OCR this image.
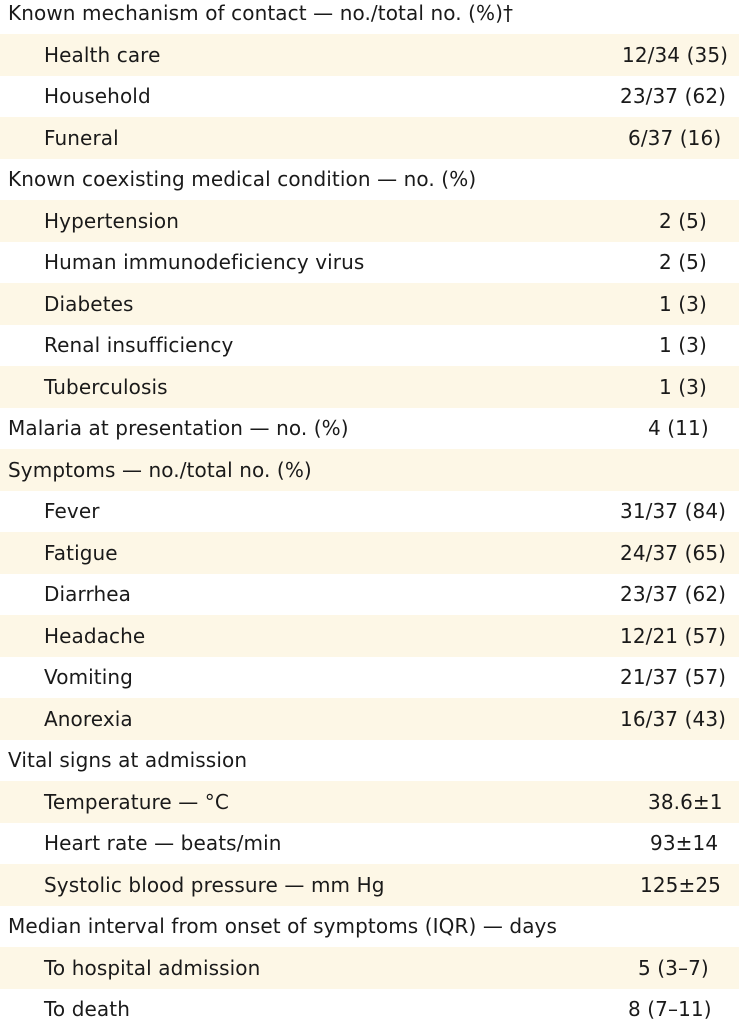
Known mechanism of contact — no./total no. (%)†
Health care	12/34 (35)
Household	23/37 (62)
Funeral	6/37 (16)
Known coexisting medical condition — no. (%)
Hypertension	2 (5)
Human immunodeficiency virus	2 (5)
Diabetes	1 (3)
Renal insufficiency	1 (3)
Tuberculosis	1 (3)
Malaria at presentation — no. (%)	4 (11)
Symptoms — no./total no. (%)
Fever	31/37 (84)
Fatigue	24/37 (65)
Diarrhea	23/37 (62)
Headache	12/21 (57)
Vomiting	21/37 (57)
Anorexia	16/37 (43)
Vital signs at admission
Temperature — °C	38.6±1
Heart rate — beats/min	93±14
Systolic blood pressure — mm Hg	125±25
Median interval from onset of symptoms (IQR) — days
To hospital admission	5 (3–7)
To death	8 (7–11)
